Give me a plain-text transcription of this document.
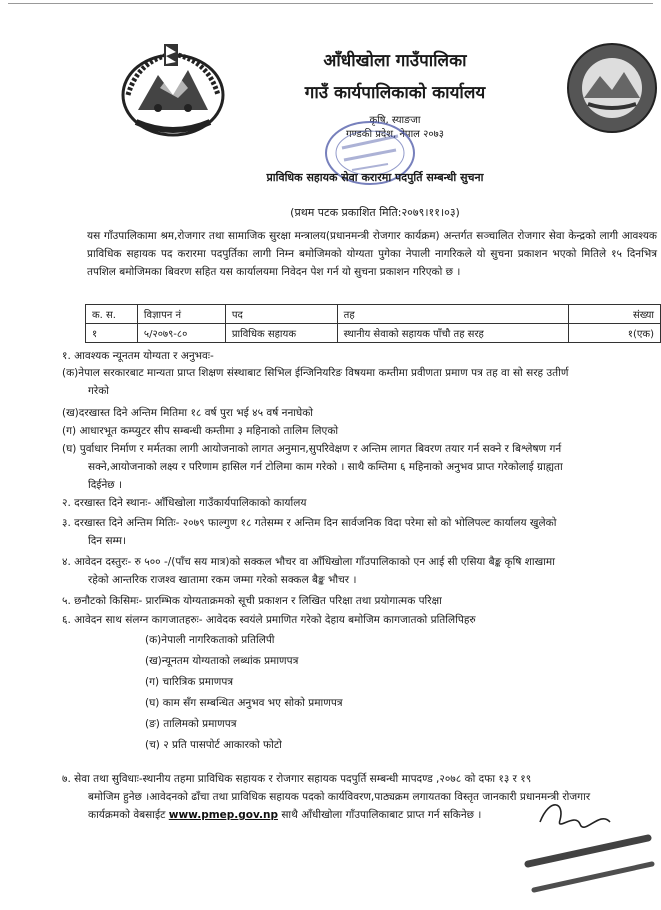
आँधीखोला गाउँपालिका
गाउँ कार्यपालिकाको कार्यालय
कृषि, स्याङजा
गण्डकी प्रदेश, नेपाल २०७३
प्राविधिक सहायक सेवा करारमा पदपुर्ति सम्बन्धी सुचना
(प्रथम पटक प्रकाशित मिति:२०७९।११।०३)
यस गाँउपालिकामा श्रम,रोजगार तथा सामाजिक सुरक्षा मन्त्रालय(प्रधानमन्त्री रोजगार कार्यक्रम) अन्तर्गत सञ्चालित रोजगार सेवा केन्द्रको लागी आवश्यक प्राविधिक सहायक पद करारमा पदपुर्तिका लागी निम्न बमोजिमको योग्यता पुगेका नेपाली नागरिकले यो सुचना प्रकाशन भएको मितिले १५ दिनभित्र तपशिल बमोजिमका बिवरण सहित यस कार्यालयमा निवेदन पेश गर्न यो सुचना प्रकाशन गरिएको छ ।
क. स.	विज्ञापन नं	पद	तह	संख्या
१	५/२०७९-८०	प्राविधिक सहायक	स्थानीय सेवाको सहायक पाँचौ तह सरह	१(एक)
१. आवश्यक न्यूनतम योग्यता र अनुभवः-
(क)नेपाल सरकारबाट मान्यता प्राप्त शिक्षण संस्थाबाट सिभिल ईन्जिनियरिङ विषयमा कम्तीमा प्रवीणता प्रमाण पत्र तह वा सो सरह उतीर्ण
गरेको
(ख)दरखास्त दिने अन्तिम मितिमा १८ वर्ष पुरा भई ४५ वर्ष ननाघेको
(ग) आधारभूत कम्प्युटर सीप सम्बन्धी कम्तीमा ३ महिनाको तालिम लिएको
(घ) पुर्वाधार निर्माण र मर्मतका लागी आयोजनाको लागत अनुमान,सुपरिवेक्षण र अन्तिम लागत बिवरण तयार गर्न सक्ने र बिश्लेषण गर्न
सक्ने,आयोजनाको लक्ष्य र परिणाम हासिल गर्न टोलिमा काम गरेको । साथै कम्तिमा ६ महिनाको अनुभव प्राप्त गरेकोलाई ग्राह्यता
दिईनेछ ।
२. दरखास्त दिने स्थानः- आँधिखोला गाउँकार्यपालिकाको कार्यालय
३. दरखास्त दिने अन्तिम मितिः- २०७९ फाल्गुण १८ गतेसम्म र अन्तिम दिन सार्वजनिक विदा परेमा सो को भोलिपल्ट कार्यालय खुलेको
दिन सम्म।
४. आवेदन दस्तुरः- रु ५०० -/(पाँच सय मात्र)को सक्कल भौचर वा आँधिखोला गाँउपालिकाको एन आई सी एसिया बैङ्क कृषि शाखामा
रहेको आन्तरिक राजश्व खातामा रकम जम्मा गरेको सक्कल बैङ्क भौचर ।
५. छनौटको किसिमः- प्रारम्भिक योग्यताक्रमको सूची प्रकाशन र लिखित परिक्षा तथा प्रयोगात्मक परिक्षा
६. आवेदन साथ संलग्न कागजातहरुः- आवेदक स्वयंले प्रमाणित गरेको देहाय बमोजिम कागजातको प्रतिलिपिहरु
(क)नेपाली नागरिकताको प्रतिलिपी
(ख)न्यूनतम योग्यताको लब्धांक प्रमाणपत्र
(ग) चारित्रिक प्रमाणपत्र
(घ) काम सँग सम्बन्धित अनुभव भए सोको प्रमाणपत्र
(ङ) तालिमको प्रमाणपत्र
(च) २ प्रति पासपोर्ट आकारको फोटो
७. सेवा तथा सुविधाः-स्थानीय तहमा प्राविधिक सहायक र रोजगार सहायक पदपुर्ति सम्बन्धी मापदण्ड ,२०७८ को दफा १३ र १९
बमोजिम हुनेछ ।आवेदनको ढाँचा तथा प्राविधिक सहायक पदको कार्यविवरण,पाठ्यक्रम लगायतका विस्तृत जानकारी प्रधानमन्त्री रोजगार
कार्यक्रमको वेबसाईट www.pmep.gov.np साथै आँधीखोला गाँउपालिकाबाट प्राप्त गर्न सकिनेछ ।
